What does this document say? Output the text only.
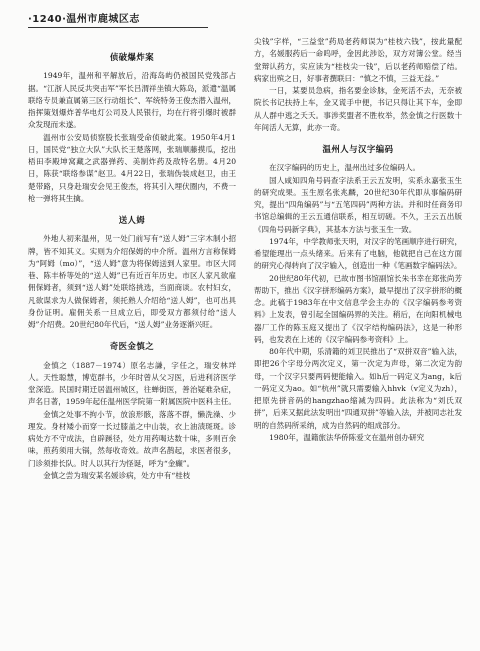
·1240·温州市鹿城区志
侦破爆炸案

1949年，温州和平解放后，沿海岛屿仍被国民党残部占据。“江浙人民反共突击军”军长吕渭祥坐镇大陈岛，派遣“温属联络专员兼直属第三区行动组长”、军统特务王俊杰潜入温州，指挥策划爆炸普华电灯公司及人民银行，均在行将引爆时被群众发现而未遂。

温州市公安局侦察股长张瑞受命侦破此案。1950年4月1日，国民党“独立大队”大队长王楚落网，张瑞顺藤摸瓜，挖出梧田李殿坤窝藏之武器弹药、美制炸药及敌特名册。4月20日，陈获“联络参谋”赵卫。4月22日，张瑞伪装成赵卫，由王楚带路，只身赴瑞安会见王俊杰，将其引入埋伏圈内，不费一枪一弹将其生擒。

送人姆

外地人初来温州，见一处门前写有“送人姆”三字木制小招牌，皆不知其义。实则为介绍保姆的中介所。温州方言称保姆为“阿姆（mo）”，“送人姆”意为将保姆送到人家里。市区大同巷、陈丰桥等处的“送人姆”已有近百年历史。市区人家凡欲雇佣保姆者，须到“送人姆”处联络挑选，当面商谈。农村妇女，凡欲谋求为人做保姆者，须托熟人介绍给“送人姆”，也可出具身份证明。雇佣关系一旦成立后，即受双方都须付给“送人姆”介绍费。20世纪80年代后，“送人姆”业务逐渐兴旺。

奇医金慎之

金慎之（1887－1974）原名志謙，字任之，瑞安林垟人。天性聪慧，博览群书，少年时曾从父习医，后进利济医学堂深造。民国时期迁居温州城区，往蝉街医，善治疑难杂症，声名日著，1959年起任温州医学院第一附属医院中医科主任。

金慎之处事不拘小节，放浪形骸，落落不群，懒洗澡、少理发。身材矮小而穿一长过膝盖之中山装，衣上油渍斑斑。诊病处方不守成法，自辟蹊径，处方用药喝达数十味，多则百余味，煎药须用大锅，然每收奇效。故声名鹊起，求医者很多，门诊须排长队。时人以其行为怪诞，呼为“金癫”。

金慎之尝为瑞安某名媛诊病，处方中有“桂枝

尖钱”字样，“三益堂”药局老药师误为“桂枝六钱”，按此量配方，名媛服药后一命呜呼，金因此渉讼，双方对簿公堂。经当堂辩认药方，实应读为“桂枝尖一钱”，后以老药师赔偿了结。病家出殡之日，好事者撰联曰：“慎之不慎，三益无益。”

一日，某要员急病，指名要金诊脉，金死活不去，无奈被院长书记扶持上车，金又谎手中便，书记只得让其下车，金即从人群中逃之夭夭。事涉奖盟者不胜枚举，然金慎之行医数十年间活人无算，此亦一奇。

温州人与汉字编码

在汉字编码的历史上，温州出过多位编码人。

国人咸知四角号码查字法系王云五发明，实系永嘉张玉生的研究成果。玉生原名张兆麟，20世纪30年代即从事编码研究，提出“四角编码”与“五笔四码”两种方法。并和时任商务印书馆总编辑的王云五通信联系，相互切磋。不久，王云五出版《四角号码新字典》，其基本方法与张玉生一致。

1974年，中学教师张天明，对汉字的笔画顺序进行研究，希望能理出一点头绪来。后来有了电脑，他就把自己在这方面的研究心得转向了汉字输入，创造出一种《笔画数字编码法》。

20世纪80年代初，已故市图书馆副馆长朱书幸在郑张尚芳帮助下，推出《汉字拼形编码方案》，最早提出了汉字拼形的概念。此稿于1983年在中文信息学会主办的《汉字编码参考资料》上发表，曾引起全国编码界的关注。稍后，在向阳机械电器厂工作的陈玉庭又提出了《汉字结构编码法》，这是一种形码，也发表在上述的《汉字编码参考资料》上。

80年代中期，乐清籍的刘卫民推出了“双拼双音”输入法，即把26个字母分两次定义，第一次定为声母，第二次定为韵母，一个汉字只要两码便能输入。如h后一码定义为ang，k后一码定义为ao。如“杭州”就只需要输入hhvk（v定义为zh），把原先拼音码的hangzhao缩减为四码。此法称为“刘氏双拼”，后来又据此法发明出“四通双拼”等输入法，并被同志社发明的自然码所采纳，成为自然码的组成部分。

1980年，温籍旅法华侨陈爱文在温州创办研究
